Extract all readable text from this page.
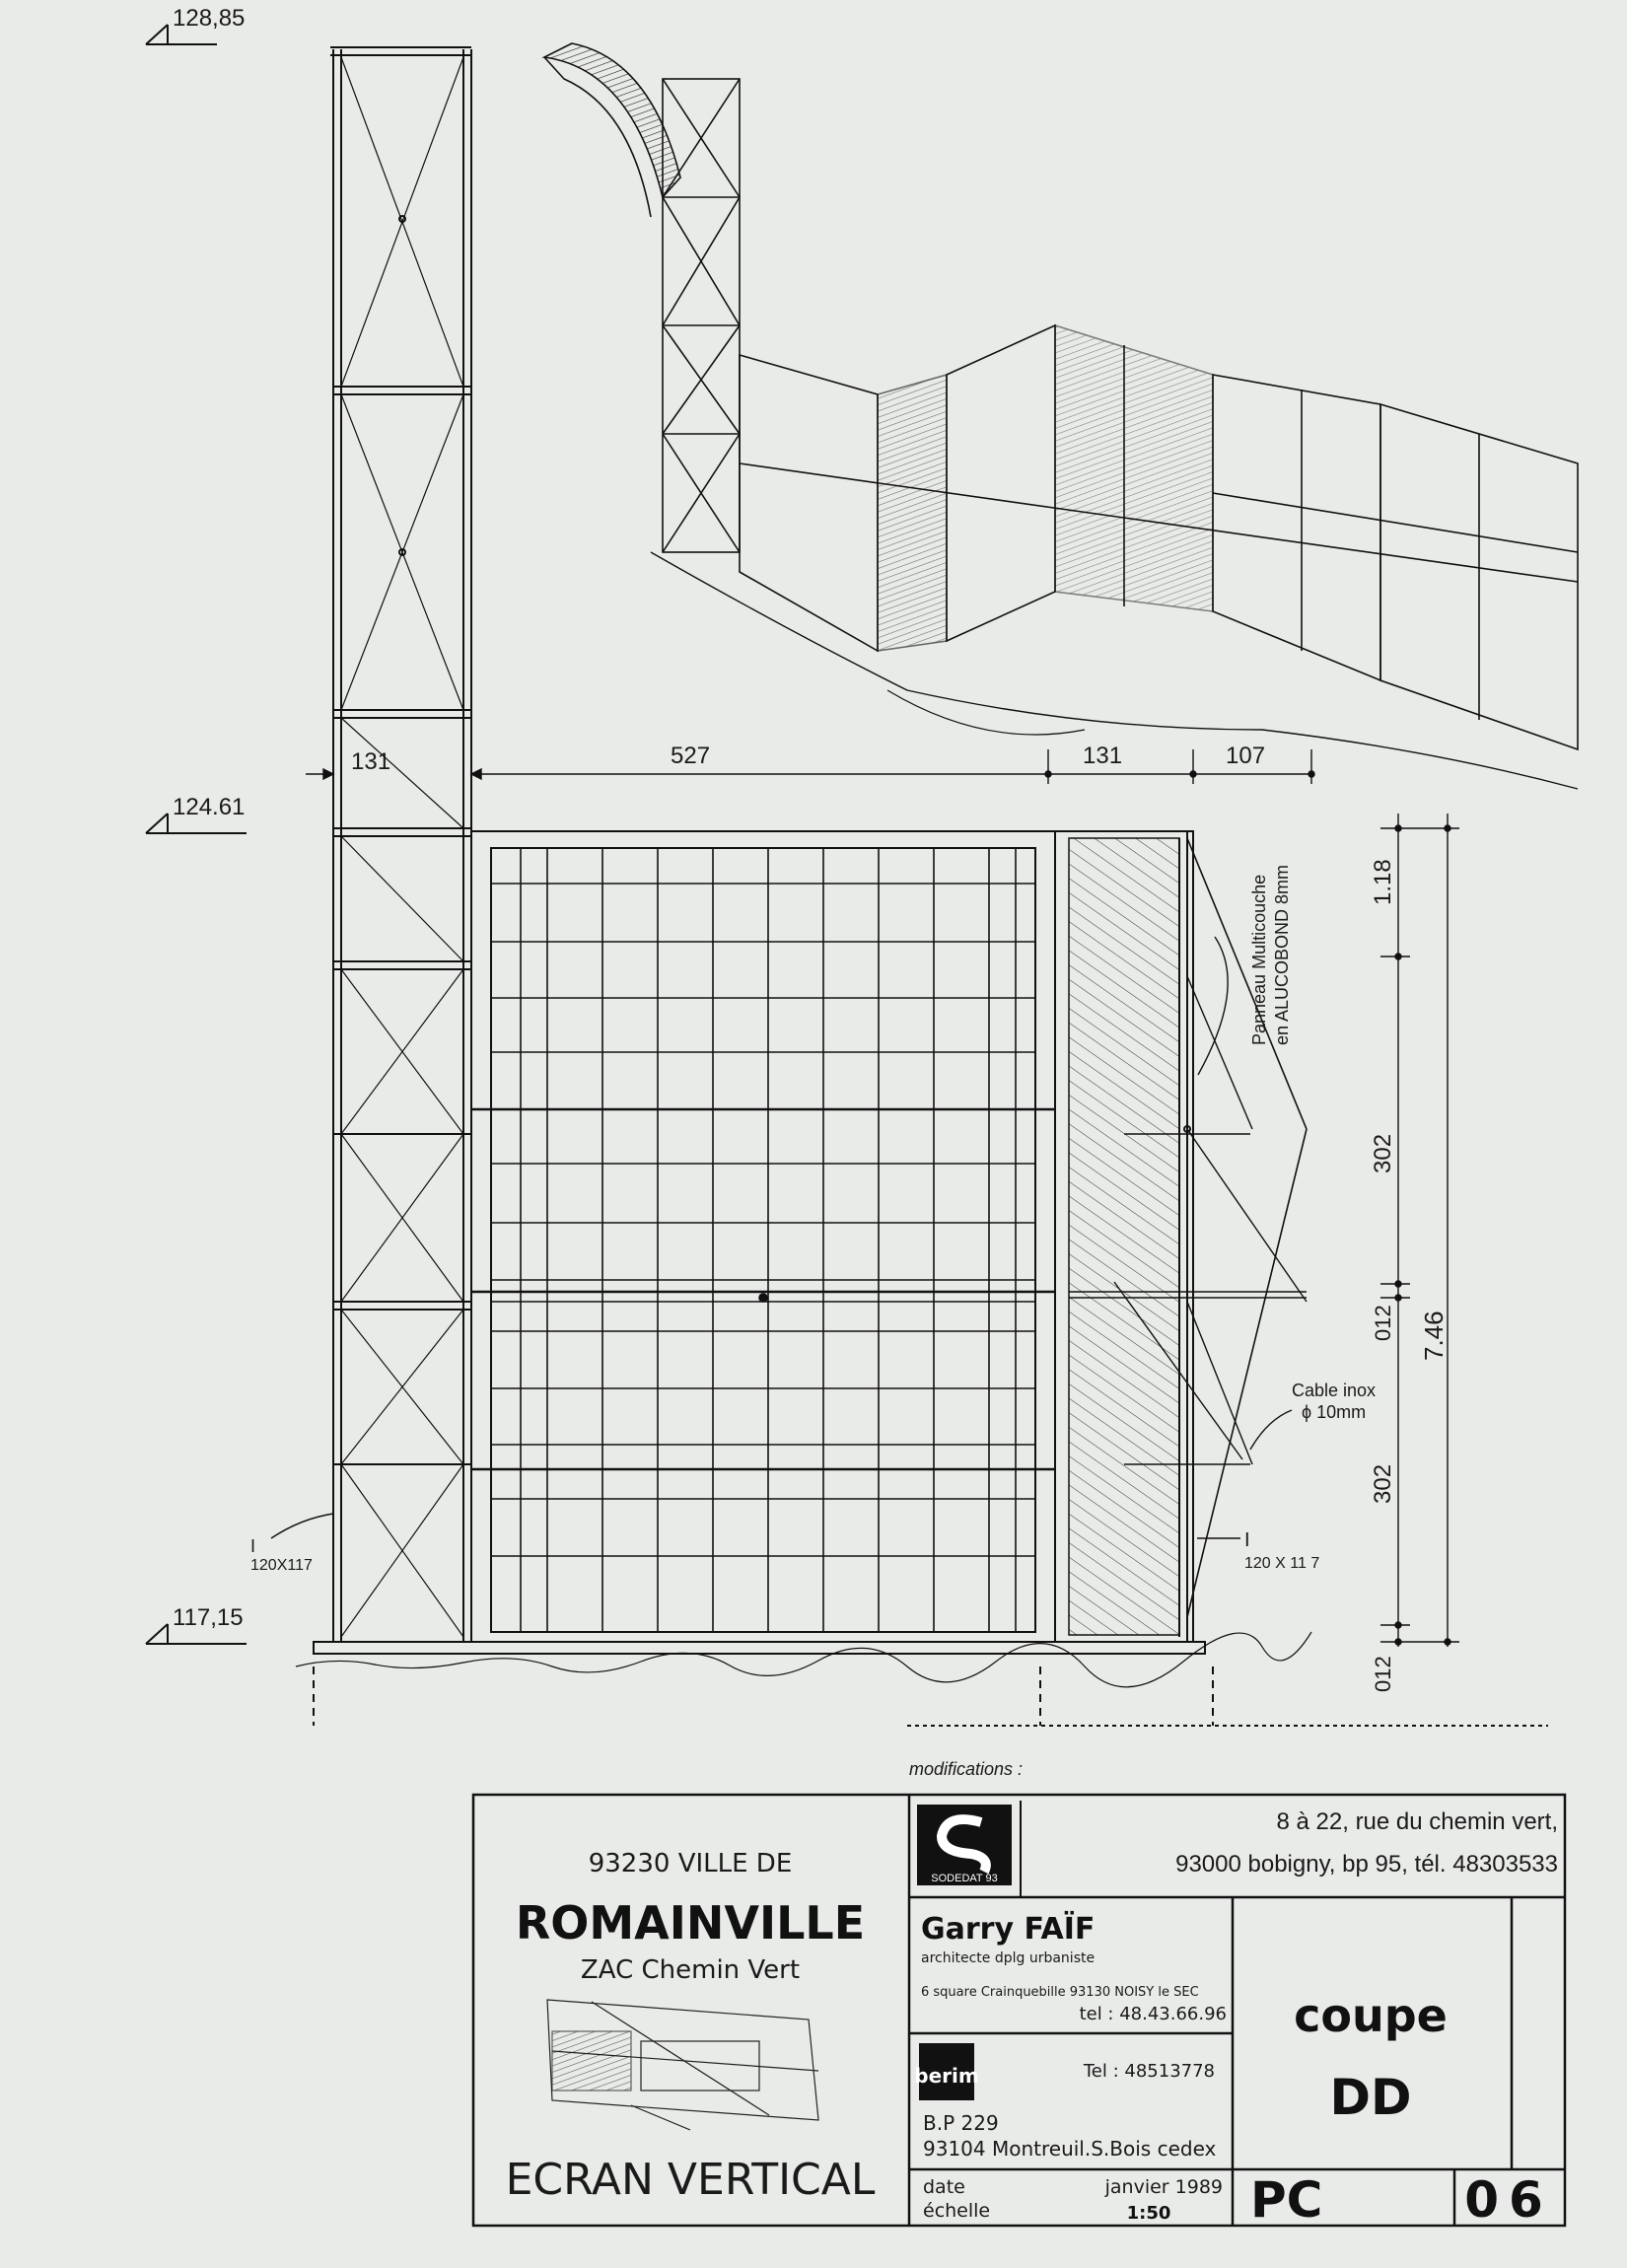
128,85
124.61
117,15
131	527	131	107
1.18
302
012
302
012
7.46
Panneau Multicouche en ALUCOBOND 8mm
Cable inox
ϕ 10mm
I
120X117
I
120 X 11 7
modifications :
93230 VILLE DE
ROMAINVILLE
ZAC Chemin Vert
ECRAN VERTICAL
SODEDAT 93
8 à 22, rue du chemin vert,
93000 bobigny, bp 95, tél. 48303533
Garry FAÏF
architecte dplg urbaniste
6 square Crainquebille 93130 NOISY le SEC
tel : 48.43.66.96
berim	Tel : 48513778
B.P 229
93104 Montreuil.S.Bois cedex
date
échelle
janvier 1989
1:50
coupe
DD
PC	06
